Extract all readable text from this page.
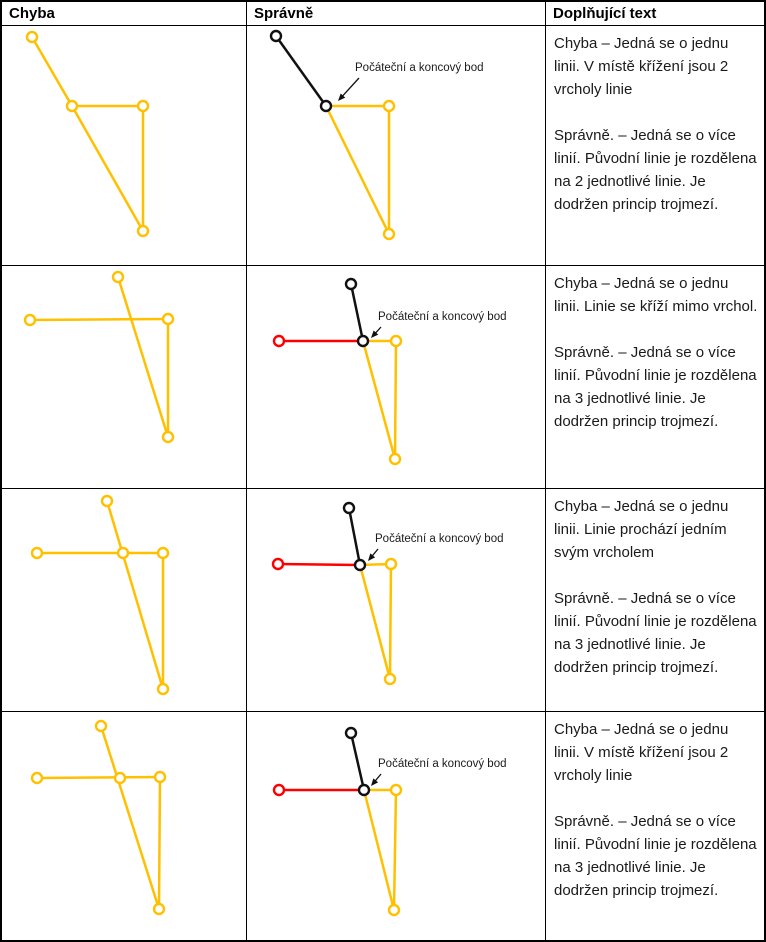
Chyba	Správně	Doplňující text
Počáteční a koncový bod

Chyba – Jedná se o jednu linii. V místě křížení jsou 2 vrcholy linie

Správně. – Jedná se o více linií. Původní linie je rozdělena na 2 jednotlivé linie. Je dodržen princip trojmezí.

Počáteční a koncový bod

Chyba – Jedná se o jednu linii. Linie se kříží mimo vrchol.

Správně. – Jedná se o více linií. Původní linie je rozdělena na 3 jednotlivé linie. Je dodržen princip trojmezí.

Počáteční a koncový bod

Chyba – Jedná se o jednu linii. Linie prochází jedním svým vrcholem

Správně. – Jedná se o více linií. Původní linie je rozdělena na 3 jednotlivé linie. Je dodržen princip trojmezí.

Počáteční a koncový bod

Chyba – Jedná se o jednu linii. V místě křížení jsou 2 vrcholy linie

Správně. – Jedná se o více linií. Původní linie je rozdělena na 3 jednotlivé linie. Je dodržen princip trojmezí.
